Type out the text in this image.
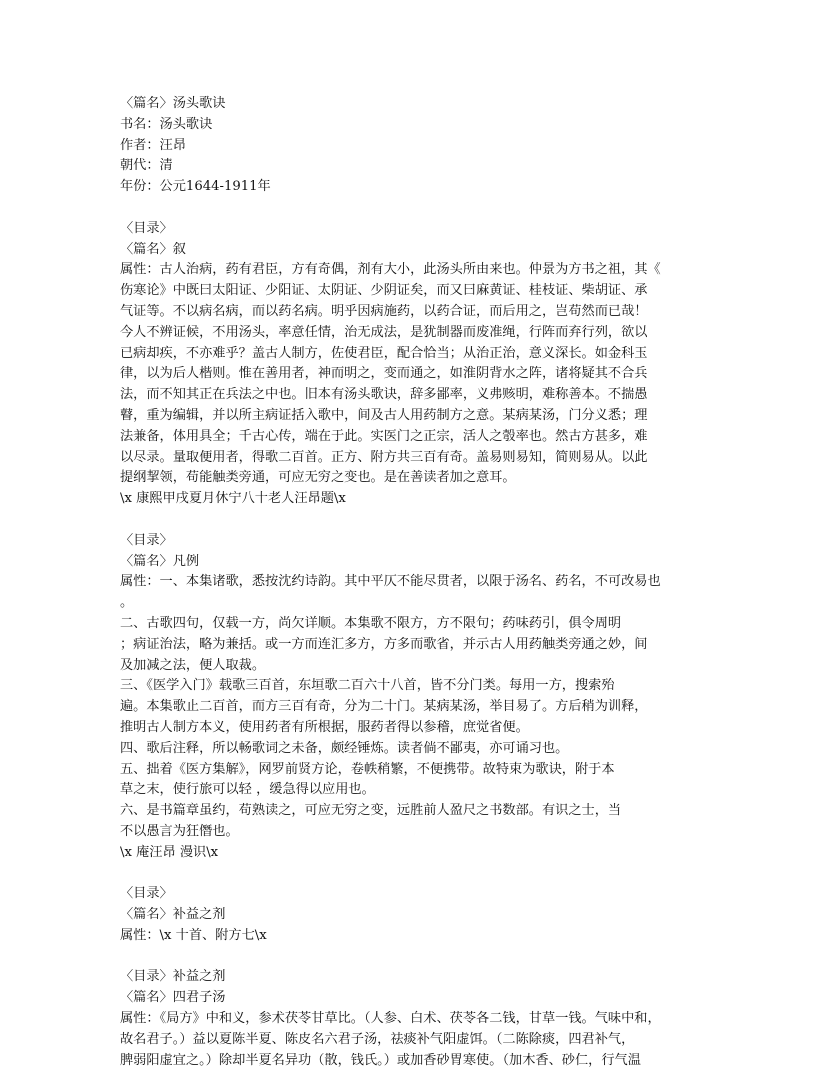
〈篇名〉汤头歌诀
书名：汤头歌诀
作者：汪昂
朝代：清
年份：公元1644-1911年
〈目录〉
〈篇名〉叙
属性：古人治病，药有君臣，方有奇偶，剂有大小，此汤头所由来也。仲景为方书之祖，其《
伤寒论》中既曰太阳证、少阳证、太阴证、少阴证矣，而又曰麻黄证、桂枝证、柴胡证、承
气证等。不以病名病，而以药名病。明乎因病施药，以药合证，而后用之，岂苟然而已哉！
今人不辨证候，不用汤头，率意任情，治无成法，是犹制器而废准绳，行阵而弃行列，欲以
已病却疾，不亦难乎？盖古人制方，佐使君臣，配合恰当；从治正治，意义深长。如金科玉
律，以为后人楷则。惟在善用者，神而明之，变而通之，如淮阴背水之阵，诸将疑其不合兵
法，而不知其正在兵法之中也。旧本有汤头歌诀，辞多鄙率，义弗赅明，难称善本。不揣愚
瞽，重为编辑，并以所主病证括入歌中，间及古人用药制方之意。某病某汤，门分义悉；理
法兼备，体用具全；千古心传，端在于此。实医门之正宗，活人之彀率也。然古方甚多，难
以尽录。量取便用者，得歌二百首。正方、附方共三百有奇。盖易则易知，简则易从。以此
提纲挈领，苟能触类旁通，可应无穷之变也。是在善读者加之意耳。
\x 康熙甲戌夏月休宁八十老人汪昂题\x
〈目录〉
〈篇名〉凡例
属性：一、本集诸歌，悉按沈约诗韵。其中平仄不能尽贯者，以限于汤名、药名，不可改易也
。
二、古歌四句，仅载一方，尚欠详顺。本集歌不限方，方不限句；药味药引，俱令周明
；病证治法，略为兼括。或一方而连汇多方，方多而歌省，并示古人用药触类旁通之妙，间
及加减之法，便人取裁。
三、《医学入门》载歌三百首，东垣歌二百六十八首，皆不分门类。每用一方，搜索殆
遍。本集歌止二百首，而方三百有奇，分为二十门。某病某汤，举目易了。方后稍为训释，
推明古人制方本义，使用药者有所根据，服药者得以参稽，庶觉省便。
四、歌后注释，所以畅歌词之未备，颇经锤炼。读者倘不鄙夷，亦可诵习也。
五、拙着《医方集解》，网罗前贤方论，卷帙稍繁，不便携带。故特束为歌诀，附于本
草之末，使行旅可以轻 ，缓急得以应用也。
六、是书篇章虽约，苟熟读之，可应无穷之变，远胜前人盈尺之书数部。有识之士，当
不以愚言为狂僭也。
\x 庵汪昂 漫识\x
〈目录〉
〈篇名〉补益之剂
属性：\x 十首、附方七\x
〈目录〉补益之剂
〈篇名〉四君子汤
属性：《局方》中和义，参术茯苓甘草比。（人参、白术、茯苓各二钱，甘草一钱。气味中和，
故名君子。）益以夏陈半夏、陈皮名六君子汤，祛痰补气阳虚饵。（二陈除痰，四君补气，
脾弱阳虚宜之。）除却半夏名异功（散，钱氏。）或加香砂胃寒使。（加木香、砂仁，行气温
